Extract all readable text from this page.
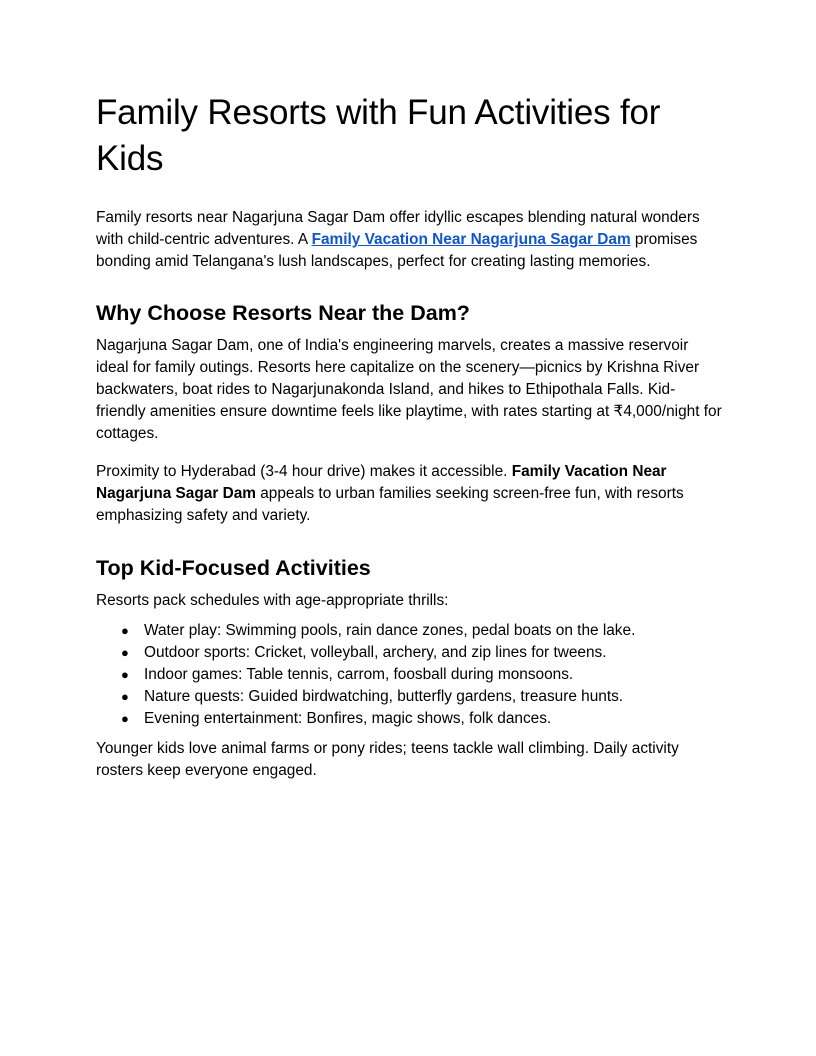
Family Resorts with Fun Activities for Kids

Family resorts near Nagarjuna Sagar Dam offer idyllic escapes blending natural wonders with child-centric adventures. A Family Vacation Near Nagarjuna Sagar Dam promises bonding amid Telangana's lush landscapes, perfect for creating lasting memories.

Why Choose Resorts Near the Dam?

Nagarjuna Sagar Dam, one of India's engineering marvels, creates a massive reservoir ideal for family outings. Resorts here capitalize on the scenery—picnics by Krishna River backwaters, boat rides to Nagarjunakonda Island, and hikes to Ethipothala Falls. Kid-friendly amenities ensure downtime feels like playtime, with rates starting at ₹4,000/night for cottages.

Proximity to Hyderabad (3-4 hour drive) makes it accessible. Family Vacation Near Nagarjuna Sagar Dam appeals to urban families seeking screen-free fun, with resorts emphasizing safety and variety.

Top Kid-Focused Activities

Resorts pack schedules with age-appropriate thrills:

● Water play: Swimming pools, rain dance zones, pedal boats on the lake.
● Outdoor sports: Cricket, volleyball, archery, and zip lines for tweens.
● Indoor games: Table tennis, carrom, foosball during monsoons.
● Nature quests: Guided birdwatching, butterfly gardens, treasure hunts.
● Evening entertainment: Bonfires, magic shows, folk dances.

Younger kids love animal farms or pony rides; teens tackle wall climbing. Daily activity rosters keep everyone engaged.
